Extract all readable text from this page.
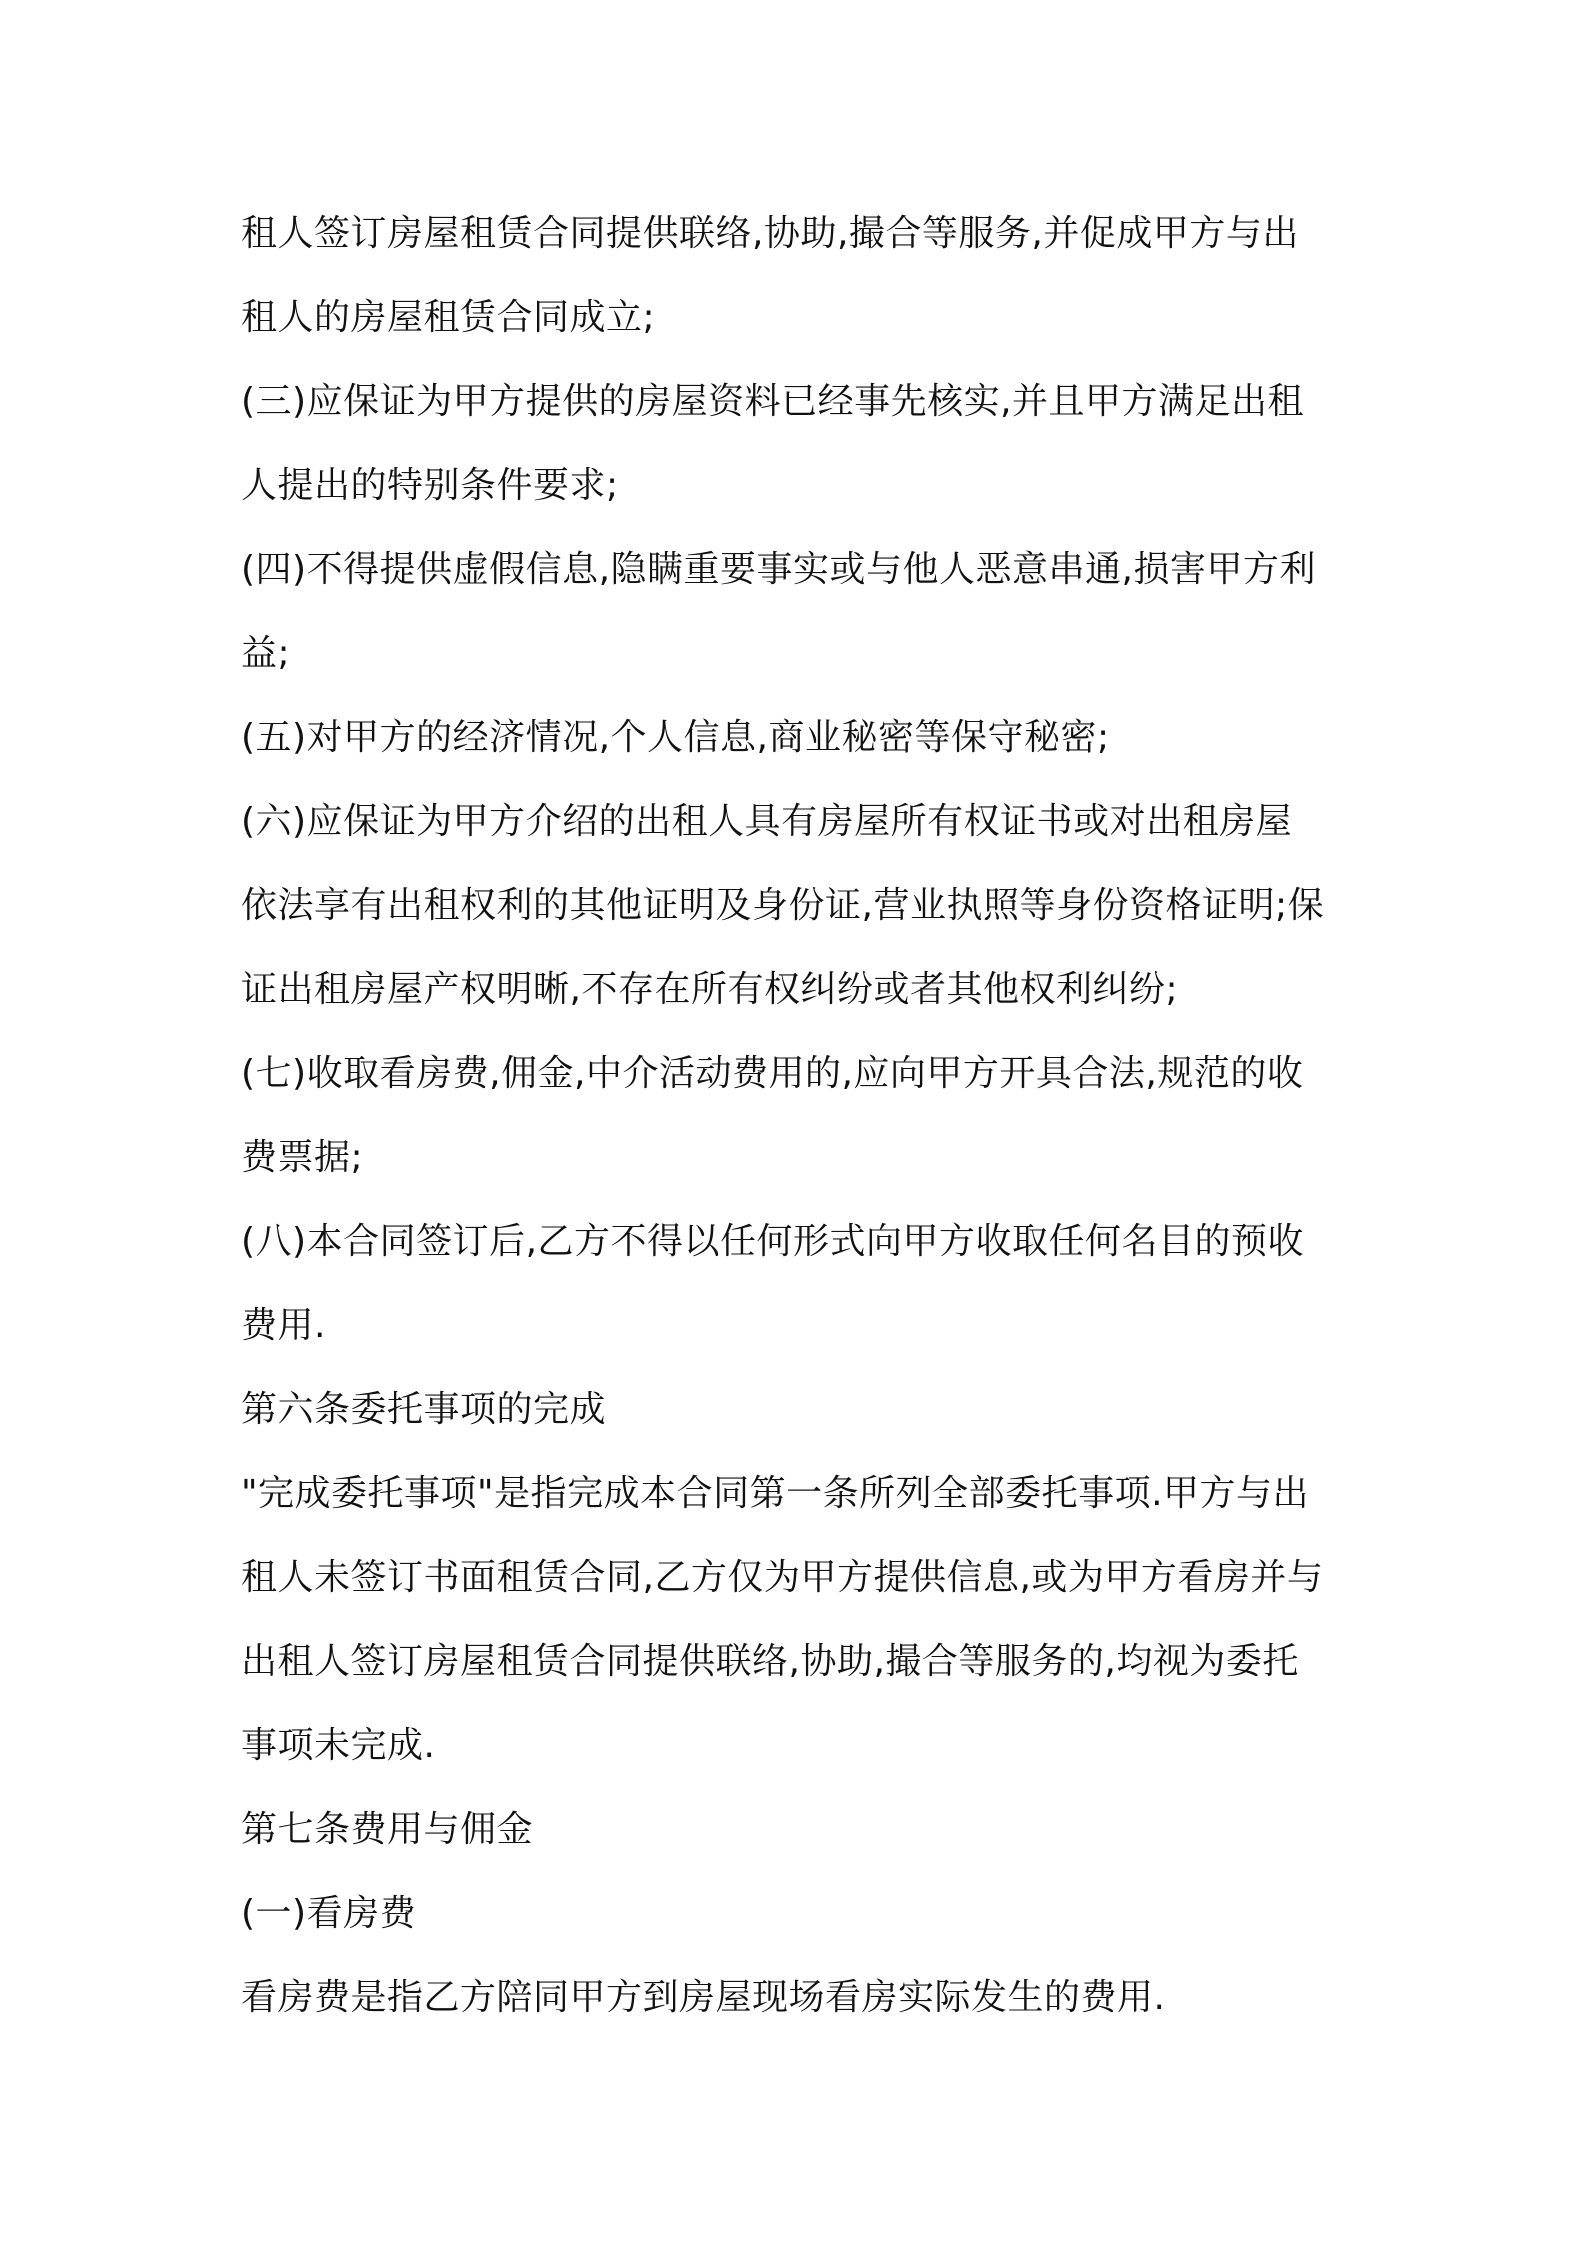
租人签订房屋租赁合同提供联络,协助,撮合等服务,并促成甲方与出
租人的房屋租赁合同成立;
(三)应保证为甲方提供的房屋资料已经事先核实,并且甲方满足出租
人提出的特别条件要求;
(四)不得提供虚假信息,隐瞒重要事实或与他人恶意串通,损害甲方利
益;
(五)对甲方的经济情况,个人信息,商业秘密等保守秘密;
(六)应保证为甲方介绍的出租人具有房屋所有权证书或对出租房屋
依法享有出租权利的其他证明及身份证,营业执照等身份资格证明;保
证出租房屋产权明晰,不存在所有权纠纷或者其他权利纠纷;
(七)收取看房费,佣金,中介活动费用的,应向甲方开具合法,规范的收
费票据;
(八)本合同签订后,乙方不得以任何形式向甲方收取任何名目的预收
费用.
第六条委托事项的完成
"完成委托事项"是指完成本合同第一条所列全部委托事项.甲方与出
租人未签订书面租赁合同,乙方仅为甲方提供信息,或为甲方看房并与
出租人签订房屋租赁合同提供联络,协助,撮合等服务的,均视为委托
事项未完成.
第七条费用与佣金
(一)看房费
看房费是指乙方陪同甲方到房屋现场看房实际发生的费用.
